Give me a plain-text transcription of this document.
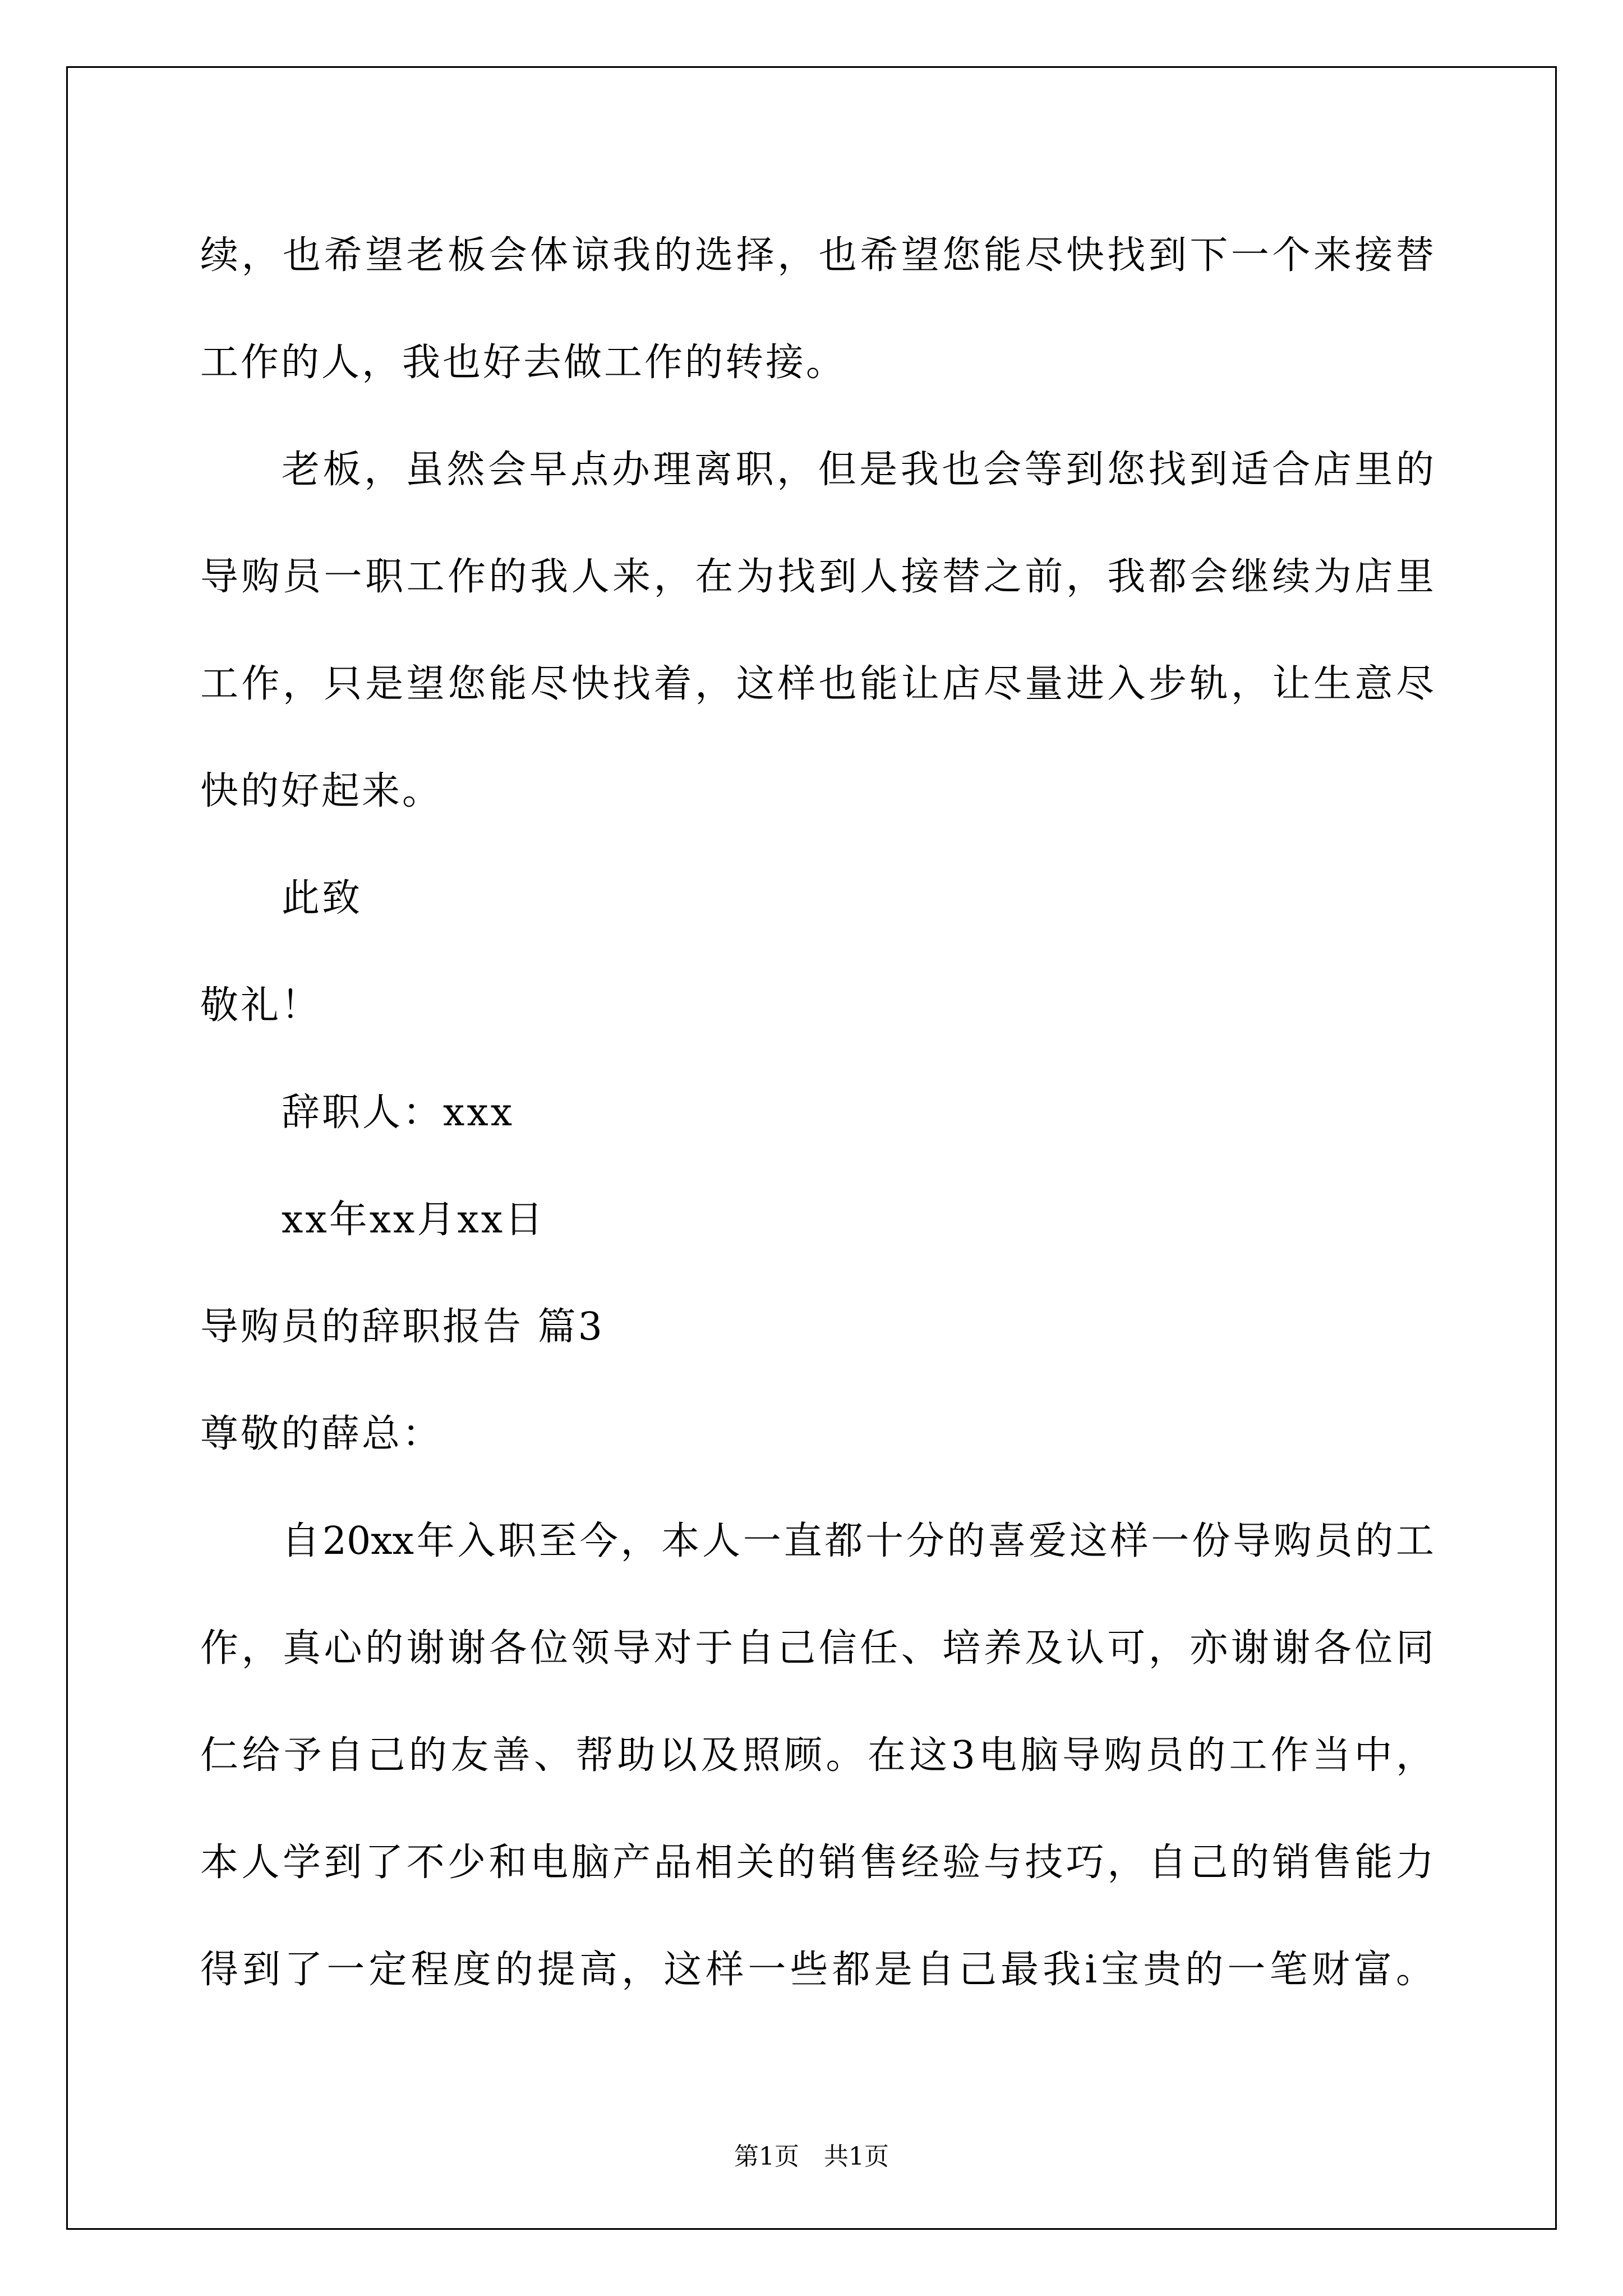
续，也希望老板会体谅我的选择，也希望您能尽快找到下一个来接替
工作的人，我也好去做工作的转接。
老板，虽然会早点办理离职，但是我也会等到您找到适合店里的
导购员一职工作的我人来，在为找到人接替之前，我都会继续为店里
工作，只是望您能尽快找着，这样也能让店尽量进入步轨，让生意尽
快的好起来。
此致
敬礼！
辞职人：xxx
xx年xx月xx日
导购员的辞职报告 篇3
尊敬的薛总：
自20xx年入职至今，本人一直都十分的喜爱这样一份导购员的工
作，真心的谢谢各位领导对于自己信任、培养及认可，亦谢谢各位同
仁给予自己的友善、帮助以及照顾。在这3电脑导购员的工作当中，
本人学到了不少和电脑产品相关的销售经验与技巧，自己的销售能力
得到了一定程度的提高，这样一些都是自己最我i宝贵的一笔财富。
第1页　共1页
